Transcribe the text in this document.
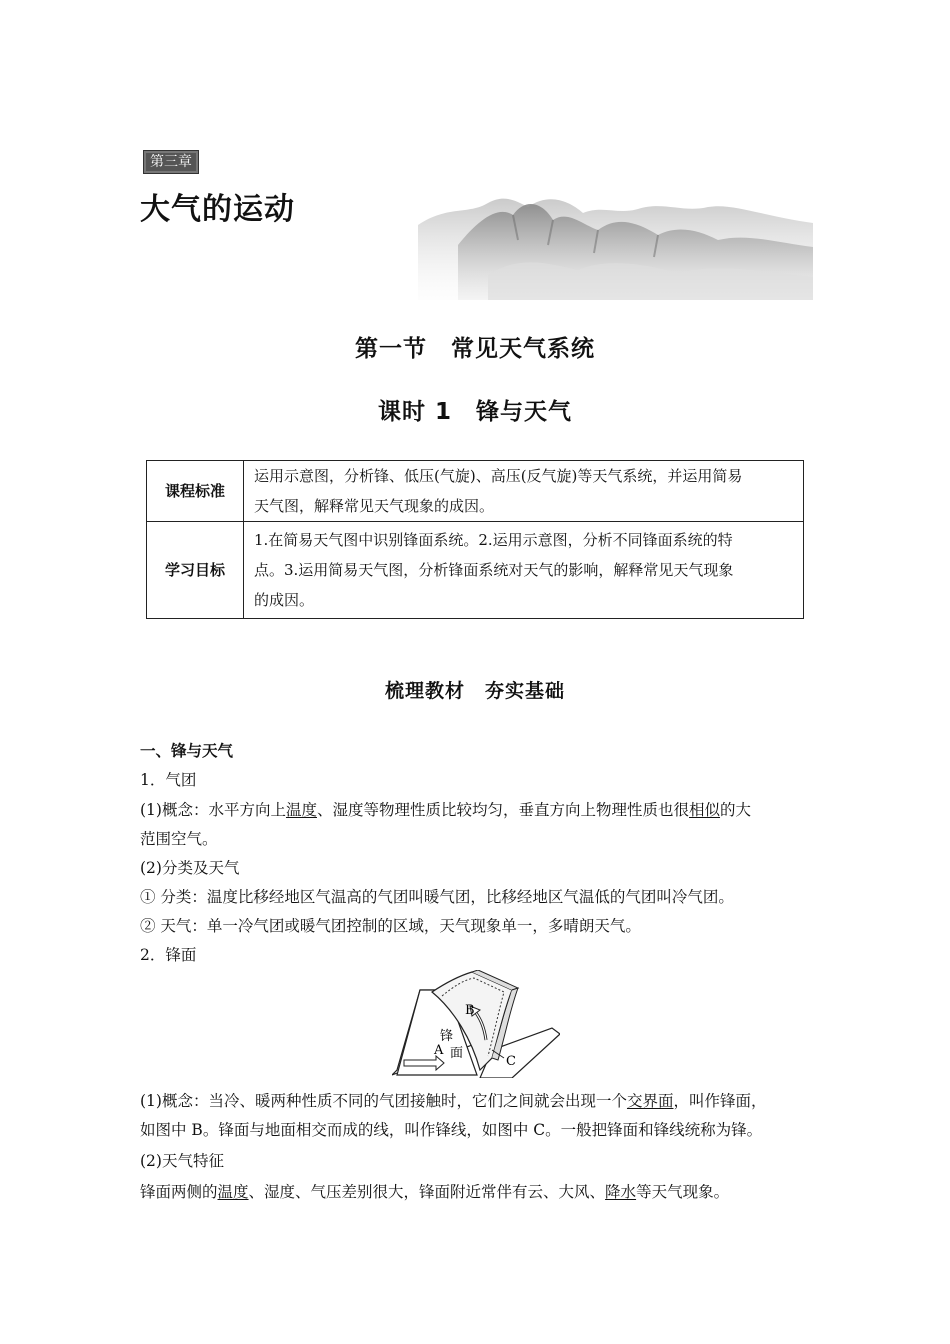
第三章
大气的运动
第一节　常见天气系统
课时 1　锋与天气
课程标准	运用示意图，分析锋、低压(气旋)、高压(反气旋)等天气系统，并运用简易
天气图，解释常见天气现象的成因。

学习目标	1.在简易天气图中识别锋面系统。2.运用示意图，分析不同锋面系统的特
点。3.运用简易天气图，分析锋面系统对天气的影响，解释常见天气现象
的成因。
梳理教材　夯实基础
一、锋与天气
1．气团
(1)概念：水平方向上温度、湿度等物理性质比较均匀，垂直方向上物理性质也很相似的大
范围空气。
(2)分类及天气
① 分类：温度比移经地区气温高的气团叫暖气团，比移经地区气温低的气团叫冷气团。
② 天气：单一冷气团或暖气团控制的区域，天气现象单一，多晴朗天气。
2．锋面
A
B
C
锋
面
(1)概念：当冷、暖两种性质不同的气团接触时，它们之间就会出现一个交界面，叫作锋面，
如图中 B。锋面与地面相交而成的线，叫作锋线，如图中 C。一般把锋面和锋线统称为锋。
(2)天气特征
锋面两侧的温度、湿度、气压差别很大，锋面附近常伴有云、大风、降水等天气现象。
